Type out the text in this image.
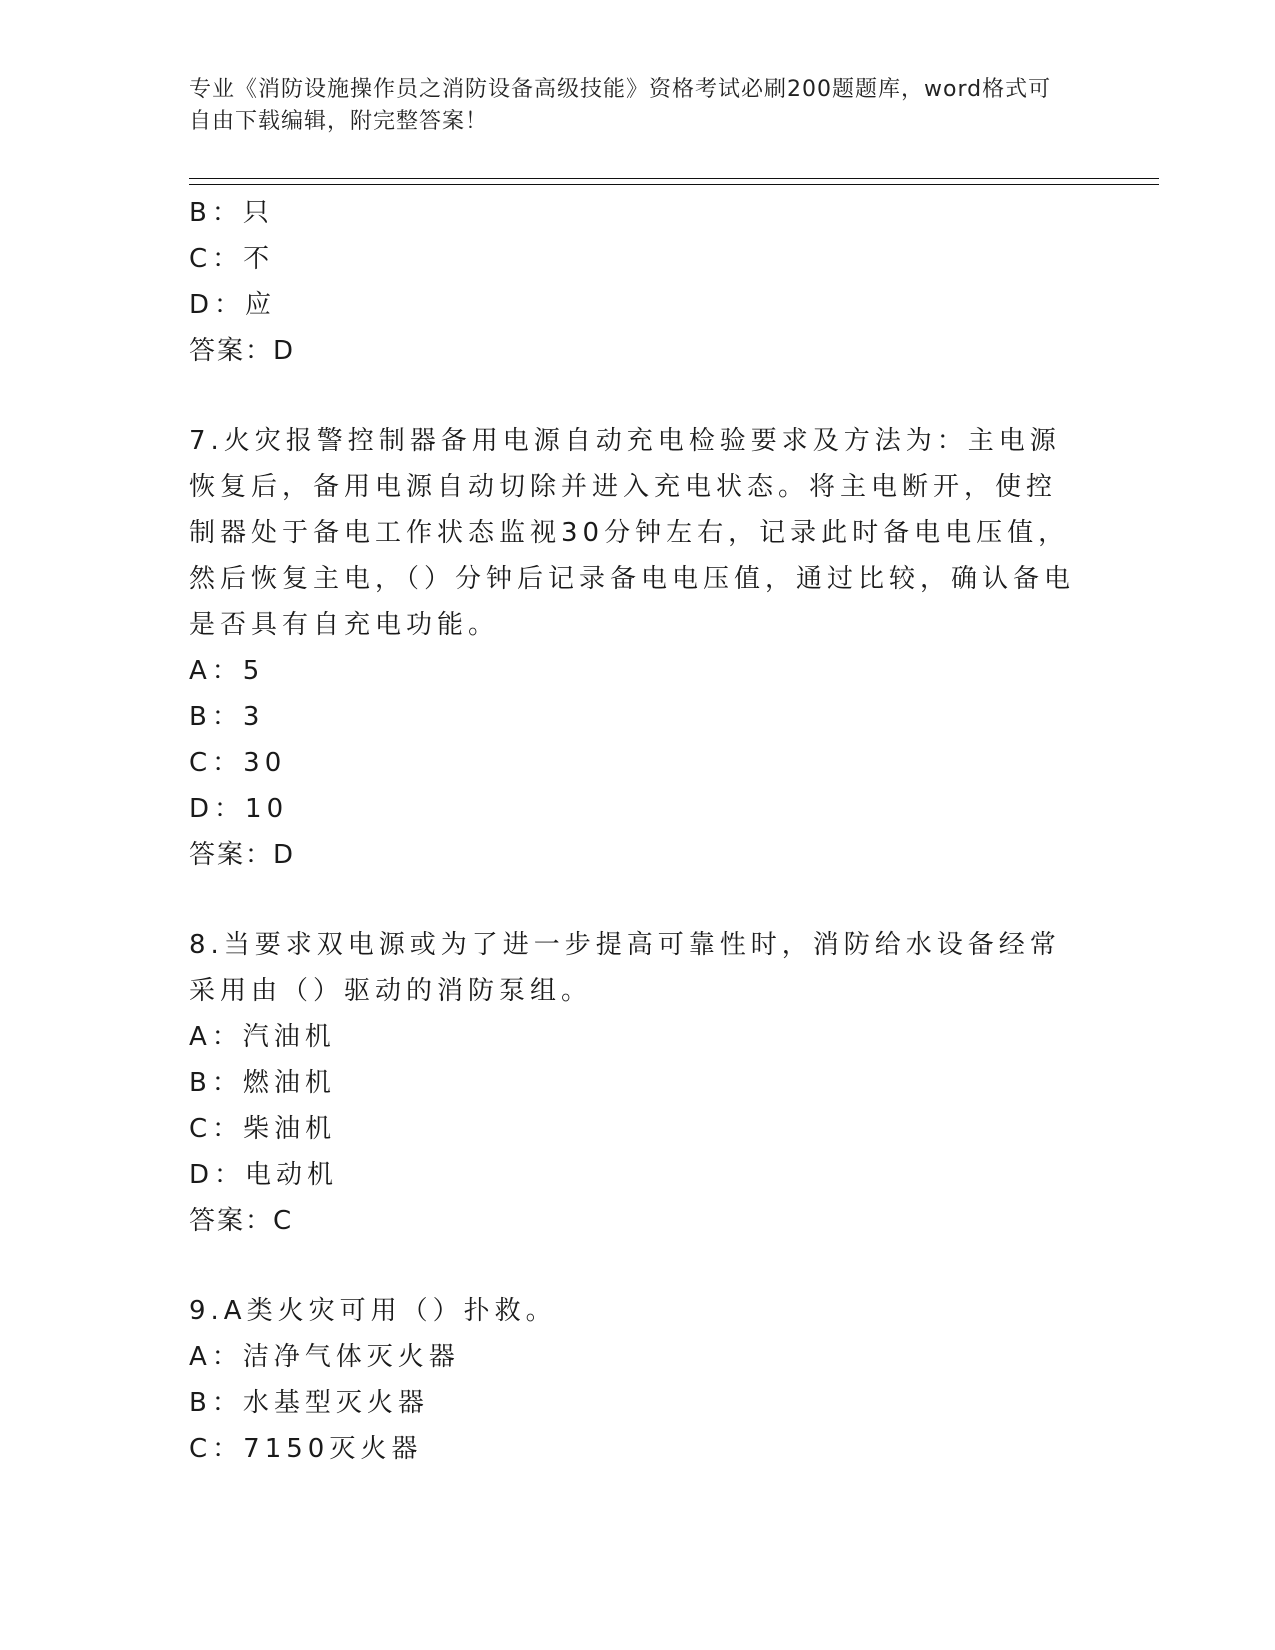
专业《消防设施操作员之消防设备高级技能》资格考试必刷200题题库，word格式可自由下载编辑，附完整答案！
B：只
C：不
D：应
答案：D
7.火灾报警控制器备用电源自动充电检验要求及方法为：主电源恢复后，备用电源自动切除并进入充电状态。将主电断开，使控制器处于备电工作状态监视30分钟左右，记录此时备电电压值，然后恢复主电，（）分钟后记录备电电压值，通过比较，确认备电是否具有自充电功能。
A：5
B：3
C：30
D：10
答案：D
8.当要求双电源或为了进一步提高可靠性时，消防给水设备经常采用由（）驱动的消防泵组。
A：汽油机
B：燃油机
C：柴油机
D：电动机
答案：C
9.A类火灾可用（）扑救。
A：洁净气体灭火器
B：水基型灭火器
C：7150灭火器
